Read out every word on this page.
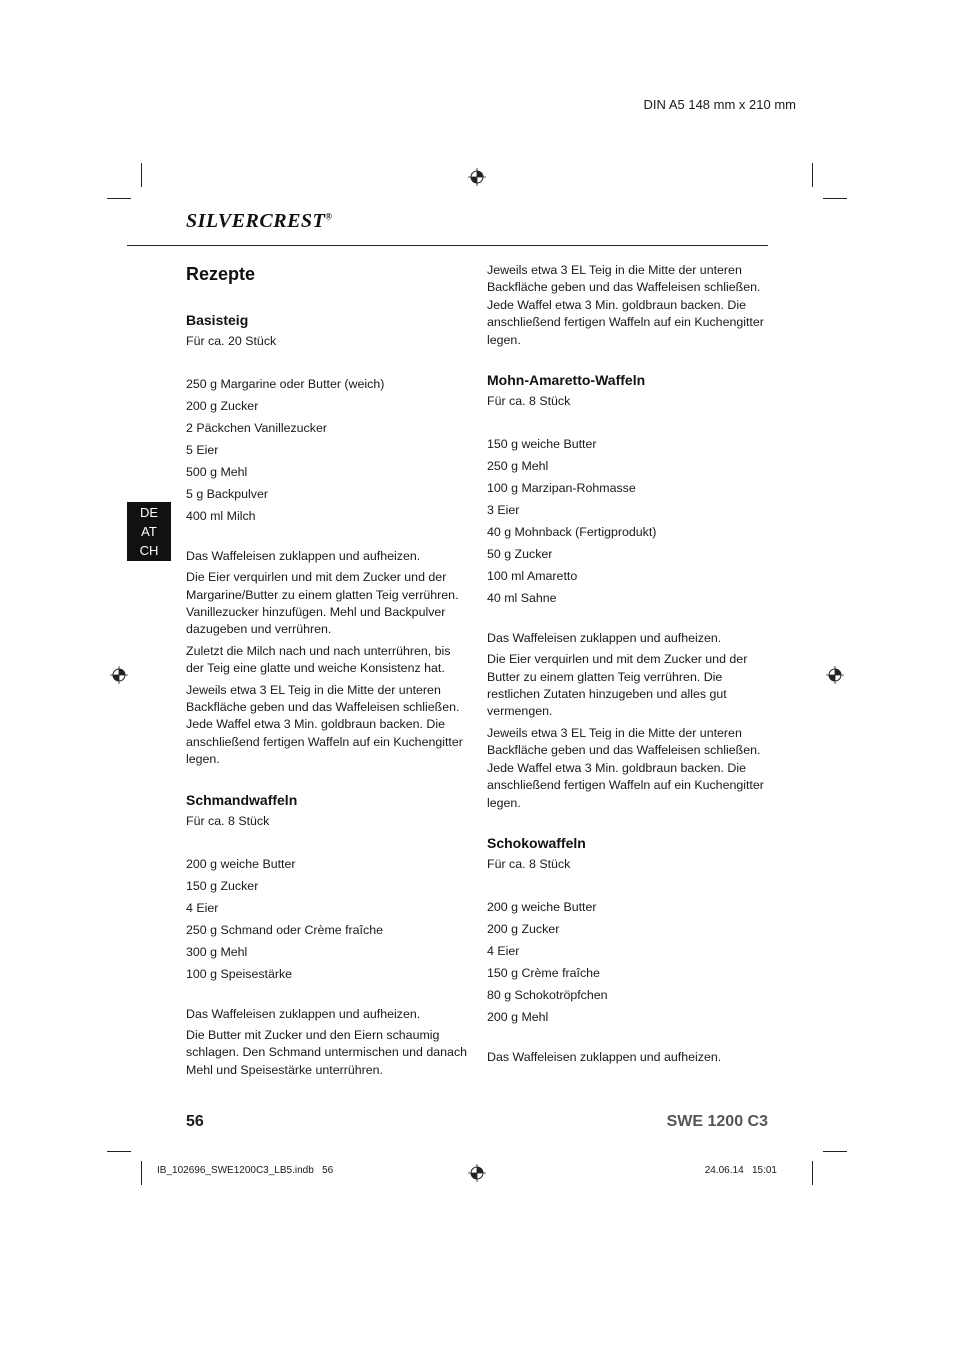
DIN A5 148 mm x 210 mm
SILVERCREST®
DE
AT
CH
Rezepte
Basisteig

Für ca. 20 Stück

250 g Margarine oder Butter (weich)
200 g Zucker
2 Päckchen Vanillezucker
5 Eier
500 g Mehl
5 g Backpulver
400 ml Milch

Das Waffeleisen zuklappen und aufheizen.

Die Eier verquirlen und mit dem Zucker und der Margarine/Butter zu einem glatten Teig verrühren. Vanillezucker hinzufügen. Mehl und Backpulver dazugeben und verrühren.

Zuletzt die Milch nach und nach unterrühren, bis der Teig eine glatte und weiche Konsistenz hat.

Jeweils etwa 3 EL Teig in die Mitte der unteren Backfläche geben und das Waffeleisen schließen. Jede Waffel etwa 3 Min. goldbraun backen. Die anschließend fertigen Waffeln auf ein Kuchengitter legen.

Schmandwaffeln

Für ca. 8 Stück

200 g weiche Butter
150 g Zucker
4 Eier
250 g Schmand oder Crème fraîche
300 g Mehl
100 g Speisestärke

Das Waffeleisen zuklappen und aufheizen.

Die Butter mit Zucker und den Eiern schaumig schlagen. Den Schmand untermischen und danach Mehl und Speisestärke unterrühren.

Jeweils etwa 3 EL Teig in die Mitte der unteren Backfläche geben und das Waffeleisen schließen. Jede Waffel etwa 3 Min. goldbraun backen. Die anschließend fertigen Waffeln auf ein Kuchengitter legen.

Mohn-Amaretto-Waffeln

Für ca. 8 Stück

150 g weiche Butter
250 g Mehl
100 g Marzipan-Rohmasse
3 Eier
40 g Mohnback (Fertigprodukt)
50 g Zucker
100 ml Amaretto
40 ml Sahne

Das Waffeleisen zuklappen und aufheizen.

Die Eier verquirlen und mit dem Zucker und der Butter zu einem glatten Teig verrühren. Die restlichen Zutaten hinzugeben und alles gut vermengen.

Jeweils etwa 3 EL Teig in die Mitte der unteren Backfläche geben und das Waffeleisen schließen. Jede Waffel etwa 3 Min. goldbraun backen. Die anschließend fertigen Waffeln auf ein Kuchengitter legen.

Schokowaffeln

Für ca. 8 Stück

200 g weiche Butter
200 g Zucker
4 Eier
150 g Crème fraîche
80 g Schokotröpfchen
200 g Mehl

Das Waffeleisen zuklappen und aufheizen.

56	SWE 1200 C3
IB_102696_SWE1200C3_LB5.indb   56	24.06.14   15:01
